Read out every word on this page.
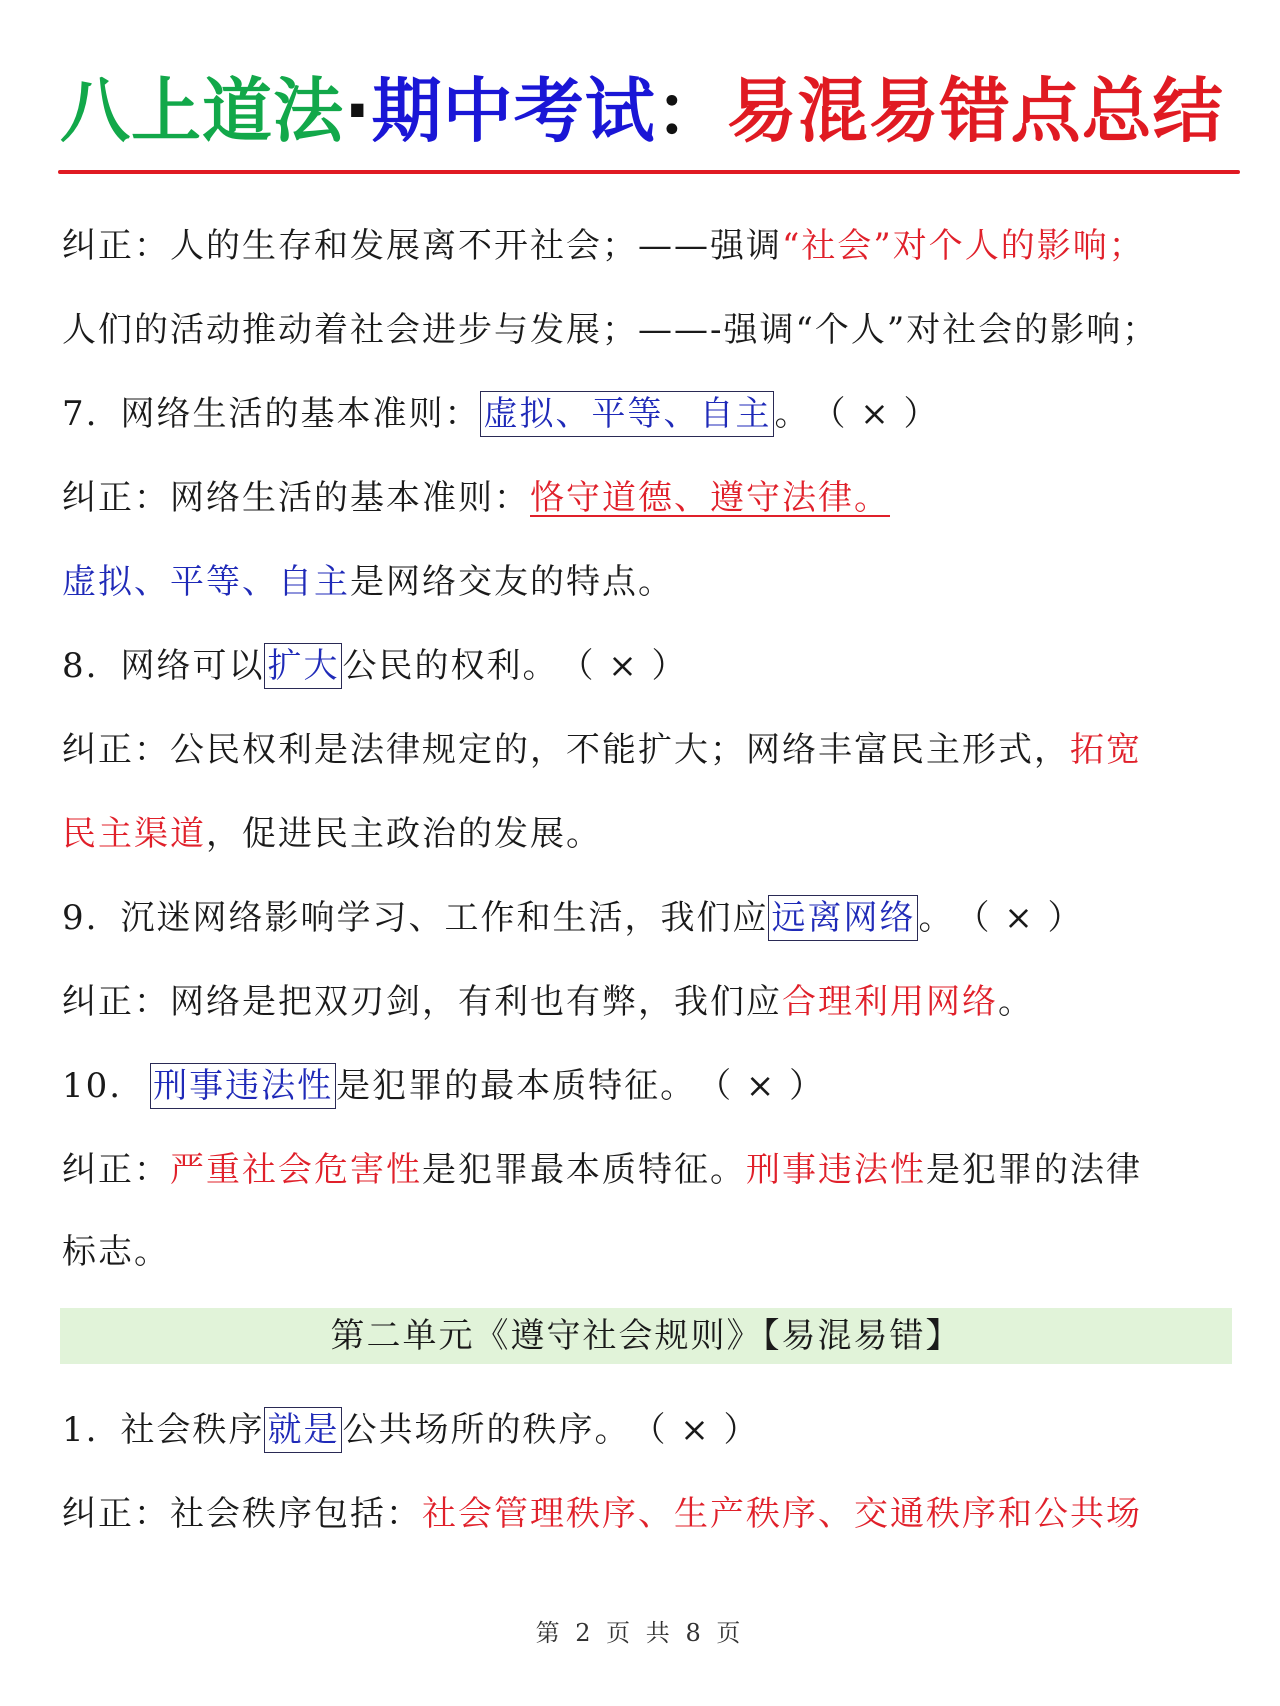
八上道法·期中考试：易混易错点总结
纠正：人的生存和发展离不开社会；——强调“社会”对个人的影响；
人们的活动推动着社会进步与发展；——-强调“个人”对社会的影响；
7. 网络生活的基本准则：虚拟、平等、自主。 （ × ）
纠正：网络生活的基本准则：恪守道德、遵守法律。
虚拟、平等、自主是网络交友的特点。
8. 网络可以扩大公民的权利。 （ × ）
纠正：公民权利是法律规定的，不能扩大；网络丰富民主形式，拓宽
民主渠道，促进民主政治的发展。
9. 沉迷网络影响学习、工作和生活，我们应远离网络。 （ × ）
纠正：网络是把双刃剑，有利也有弊，我们应合理利用网络。
10. 刑事违法性是犯罪的最本质特征。 （ × ）
纠正：严重社会危害性是犯罪最本质特征。刑事违法性是犯罪的法律
标志。
第二单元《遵守社会规则》【易混易错】
1. 社会秩序就是公共场所的秩序。 （ × ）
纠正：社会秩序包括：社会管理秩序、生产秩序、交通秩序和公共场
第 2 页 共 8 页
